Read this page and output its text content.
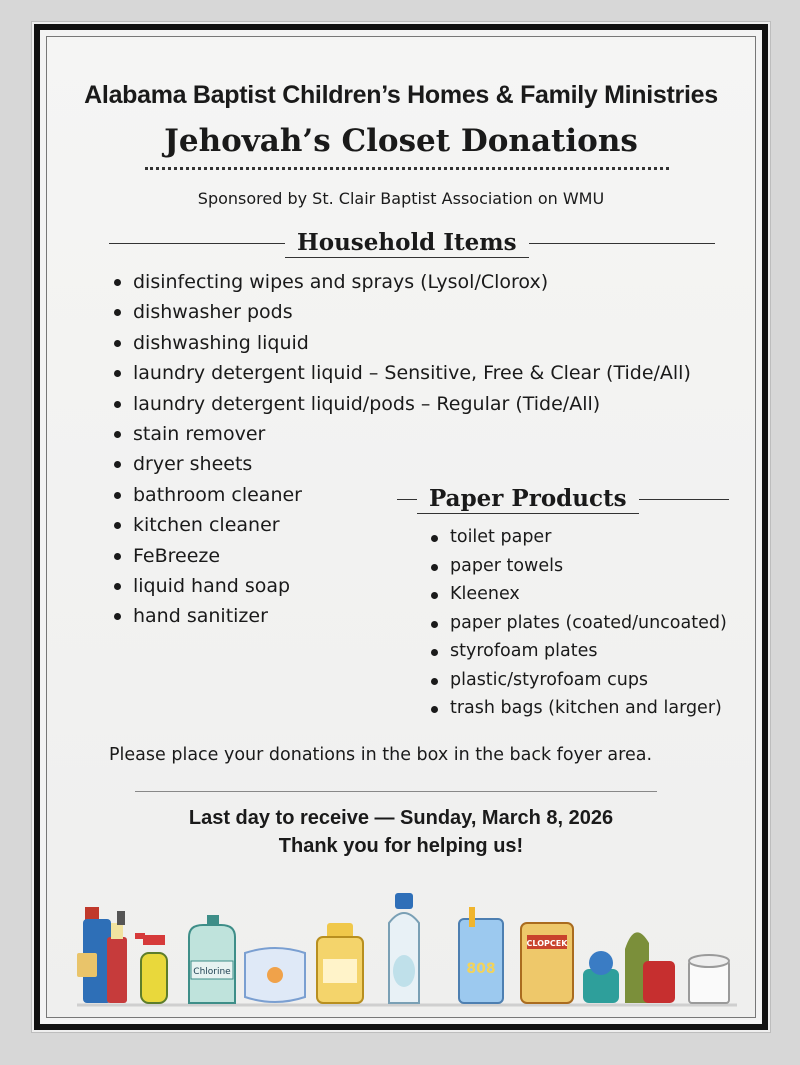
Alabama Baptist Children’s Homes & Family Ministries
Jehovah’s Closet Donations
Sponsored by St. Clair Baptist Association on WMU
Household Items
disinfecting wipes and sprays (Lysol/Clorox)
dishwasher pods
dishwashing liquid
laundry detergent liquid – Sensitive, Free & Clear (Tide/All)
laundry detergent liquid/pods – Regular (Tide/All)
stain remover
dryer sheets
bathroom cleaner
kitchen cleaner
FeBreeze
liquid hand soap
hand sanitizer
Paper Products
toilet paper
paper towels
Kleenex
paper plates (coated/uncoated)
styrofoam plates
plastic/styrofoam cups
trash bags (kitchen and larger)
Please place your donations in the box in the back foyer area.
Last day to receive — Sunday, March 8, 2026
Thank you for helping us!
Chlorine	808
CLOPCEK
